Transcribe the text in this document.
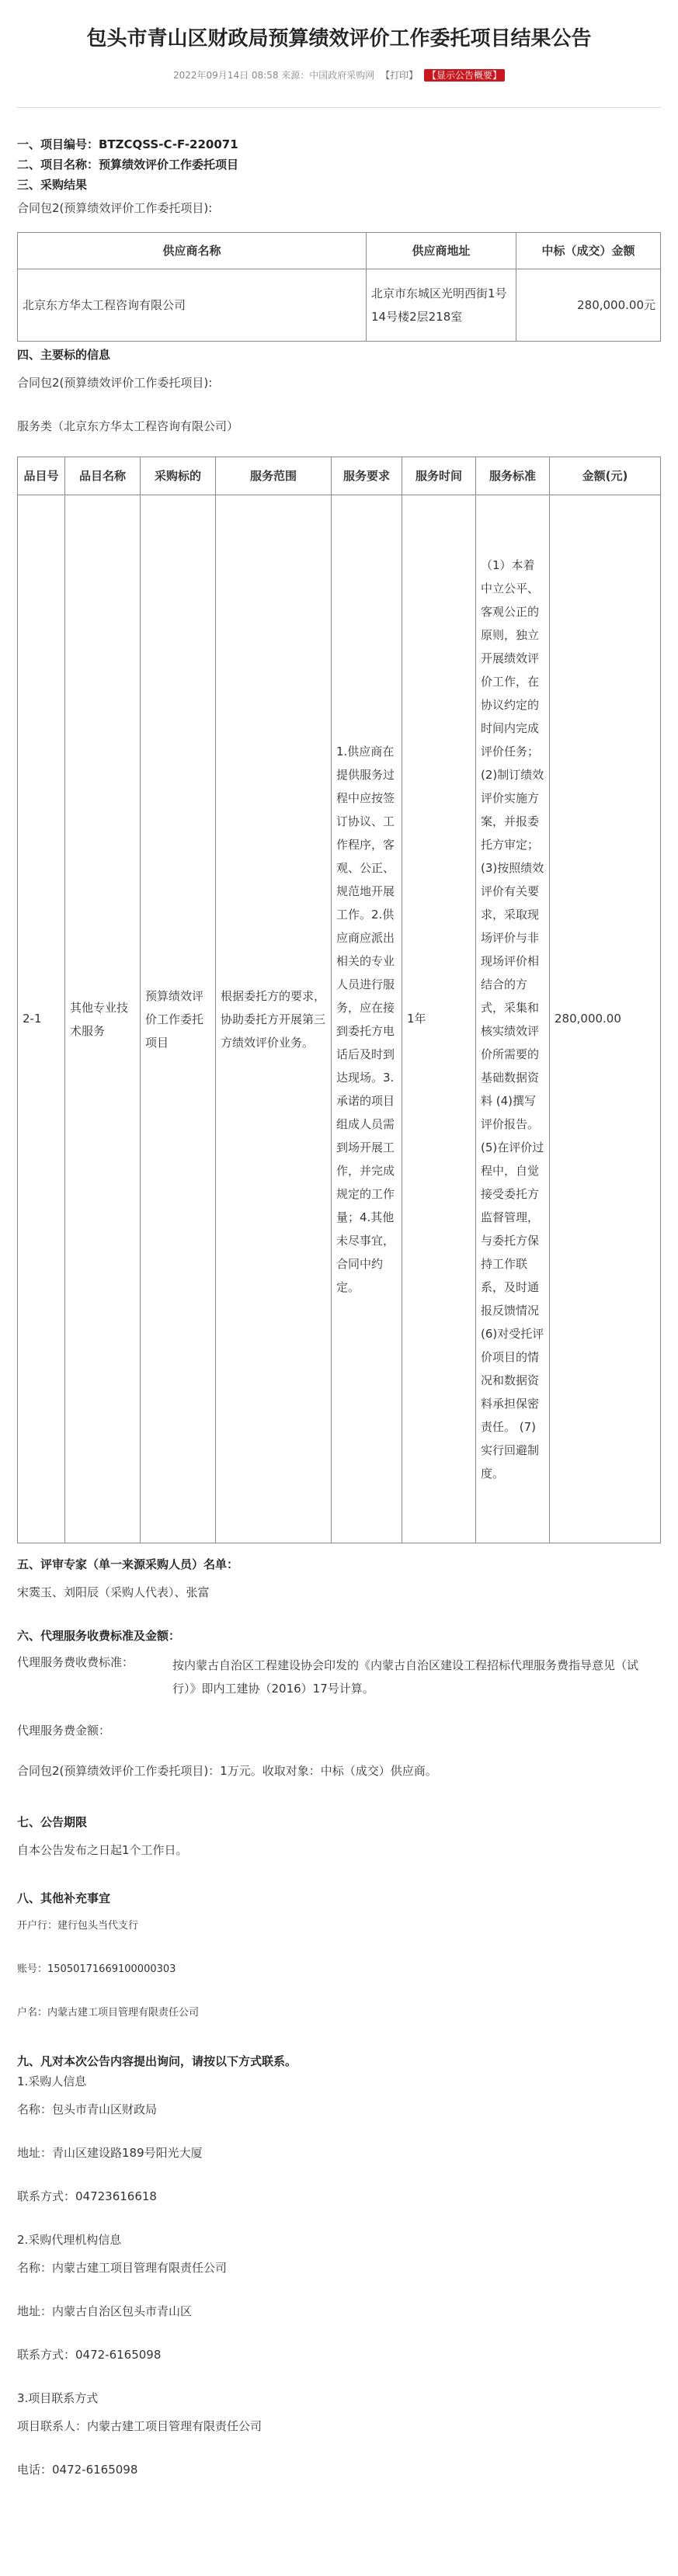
包头市青山区财政局预算绩效评价工作委托项目结果公告
2022年09月14日 08:58 来源：中国政府采购网 【打印】 【显示公告概要】

一、项目编号：BTZCQSS-C-F-220071

二、项目名称：预算绩效评价工作委托项目

三、采购结果

合同包2(预算绩效评价工作委托项目):

供应商名称	供应商地址	中标（成交）金额
北京东方华太工程咨询有限公司	北京市东城区光明西街1号14号楼2层218室	280,000.00元

四、主要标的信息

合同包2(预算绩效评价工作委托项目):

服务类（北京东方华太工程咨询有限公司）

品目号	品目名称	采购标的	服务范围	服务要求	服务时间	服务标准	金额(元)
2-1	其他专业技术服务	预算绩效评价工作委托项目	根据委托方的要求，协助委托方开展第三方绩效评价业务。	1.供应商在提供服务过程中应按签订协议、工作程序，客观、公正、规范地开展工作。2.供应商应派出相关的专业人员进行服务，应在接到委托方电话后及时到达现场。3.承诺的项目组成人员需到场开展工作，并完成规定的工作量；4.其他未尽事宜，合同中约定。	1年	（1）本着中立公平、客观公正的原则，独立开展绩效评价工作，在协议约定的时间内完成评价任务；(2)制订绩效评价实施方案，并报委托方审定；(3)按照绩效评价有关要求，采取现场评价与非现场评价相结合的方式，采集和核实绩效评价所需要的基础数据资料 (4)撰写评价报告。 (5)在评价过程中，自觉接受委托方监督管理，与委托方保持工作联系，及时通报反馈情况 (6)对受托评价项目的情况和数据资料承担保密责任。 (7)实行回避制度。	280,000.00

五、评审专家（单一来源采购人员）名单：

宋霙玉、刘阳辰（采购人代表）、张富

六、代理服务收费标准及金额：

代理服务费收费标准：	按内蒙古自治区工程建设协会印发的《内蒙古自治区建设工程招标代理服务费指导意见（试行）》即内工建协（2016）17号计算。

代理服务费金额：

合同包2(预算绩效评价工作委托项目)：1万元。收取对象：中标（成交）供应商。

七、公告期限

自本公告发布之日起1个工作日。

八、其他补充事宜

开户行：建行包头当代支行

账号：15050171669100000303

户名：内蒙古建工项目管理有限责任公司

九、凡对本次公告内容提出询问，请按以下方式联系。

1.采购人信息

名称：包头市青山区财政局

地址：青山区建设路189号阳光大厦

联系方式：04723616618

2.采购代理机构信息

名称：内蒙古建工项目管理有限责任公司

地址：内蒙古自治区包头市青山区

联系方式：0472-6165098

3.项目联系方式

项目联系人：内蒙古建工项目管理有限责任公司

电话：0472-6165098
